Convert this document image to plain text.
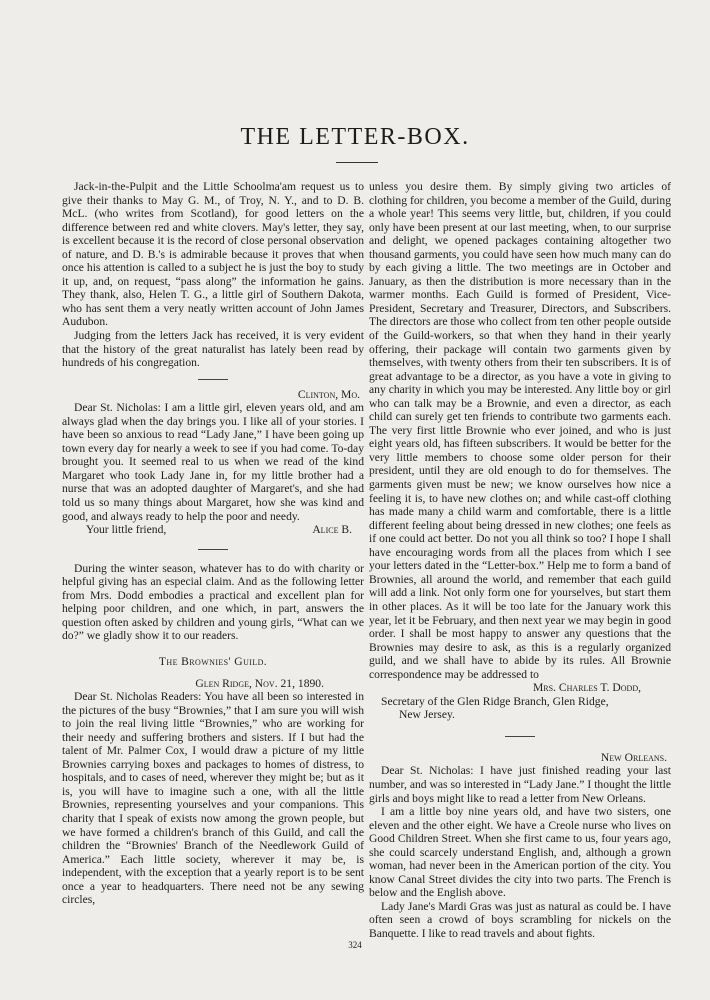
THE LETTER-BOX.

Jack-in-the-Pulpit and the Little Schoolma'am request us to give their thanks to May G. M., of Troy, N. Y., and to D. B. McL. (who writes from Scotland), for good letters on the difference between red and white clovers. May's letter, they say, is excellent because it is the record of close personal observation of nature, and D. B.'s is admirable because it proves that when once his attention is called to a subject he is just the boy to study it up, and, on request, “pass along” the information he gains. They thank, also, Helen T. G., a little girl of Southern Dakota, who has sent them a very neatly written account of John James Audubon.

Judging from the letters Jack has received, it is very evident that the history of the great naturalist has lately been read by hundreds of his congregation.

Clinton, Mo.

Dear St. Nicholas: I am a little girl, eleven years old, and am always glad when the day brings you. I like all of your stories. I have been so anxious to read “Lady Jane,” I have been going up town every day for nearly a week to see if you had come. To-day brought you. It seemed real to us when we read of the kind Margaret who took Lady Jane in, for my little brother had a nurse that was an adopted daughter of Margaret's, and she had told us so many things about Margaret, how she was kind and good, and always ready to help the poor and needy.

Your little friend,	Alice B.

During the winter season, whatever has to do with charity or helpful giving has an especial claim. And as the following letter from Mrs. Dodd embodies a practical and excellent plan for helping poor children, and one which, in part, answers the question often asked by children and young girls, “What can we do?” we gladly show it to our readers.

The Brownies' Guild.

Glen Ridge, Nov. 21, 1890.

Dear St. Nicholas Readers: You have all been so interested in the pictures of the busy “Brownies,” that I am sure you will wish to join the real living little “Brownies,” who are working for their needy and suffering brothers and sisters. If I but had the talent of Mr. Palmer Cox, I would draw a picture of my little Brownies carrying boxes and packages to homes of distress, to hospitals, and to cases of need, wherever they might be; but as it is, you will have to imagine such a one, with all the little Brownies, representing yourselves and your companions. This charity that I speak of exists now among the grown people, but we have formed a children's branch of this Guild, and call the children the “Brownies' Branch of the Needlework Guild of America.” Each little society, wherever it may be, is independent, with the exception that a yearly report is to be sent once a year to headquarters. There need not be any sewing circles,

unless you desire them. By simply giving two articles of clothing for children, you become a member of the Guild, during a whole year! This seems very little, but, children, if you could only have been present at our last meeting, when, to our surprise and delight, we opened packages containing altogether two thousand garments, you could have seen how much many can do by each giving a little. The two meetings are in October and January, as then the distribution is more necessary than in the warmer months. Each Guild is formed of President, Vice-President, Secretary and Treasurer, Directors, and Subscribers. The directors are those who collect from ten other people outside of the Guild-workers, so that when they hand in their yearly offering, their package will contain two garments given by themselves, with twenty others from their ten subscribers. It is of great advantage to be a director, as you have a vote in giving to any charity in which you may be interested. Any little boy or girl who can talk may be a Brownie, and even a director, as each child can surely get ten friends to contribute two garments each. The very first little Brownie who ever joined, and who is just eight years old, has fifteen subscribers. It would be better for the very little members to choose some older person for their president, until they are old enough to do for themselves. The garments given must be new; we know ourselves how nice a feeling it is, to have new clothes on; and while cast-off clothing has made many a child warm and comfortable, there is a little different feeling about being dressed in new clothes; one feels as if one could act better. Do not you all think so too? I hope I shall have encouraging words from all the places from which I see your letters dated in the “Letter-box.” Help me to form a band of Brownies, all around the world, and remember that each guild will add a link. Not only form one for yourselves, but start them in other places. As it will be too late for the January work this year, let it be February, and then next year we may begin in good order. I shall be most happy to answer any questions that the Brownies may desire to ask, as this is a regularly organized guild, and we shall have to abide by its rules. All Brownie correspondence may be addressed to

Mrs. Charles T. Dodd,

Secretary of the Glen Ridge Branch, Glen Ridge,

New Jersey.

New Orleans.

Dear St. Nicholas: I have just finished reading your last number, and was so interested in “Lady Jane.” I thought the little girls and boys might like to read a letter from New Orleans.

I am a little boy nine years old, and have two sisters, one eleven and the other eight. We have a Creole nurse who lives on Good Children Street. When she first came to us, four years ago, she could scarcely understand English, and, although a grown woman, had never been in the American portion of the city. You know Canal Street divides the city into two parts. The French is below and the English above.

Lady Jane's Mardi Gras was just as natural as could be. I have often seen a crowd of boys scrambling for nickels on the Banquette. I like to read travels and about fights.

324
